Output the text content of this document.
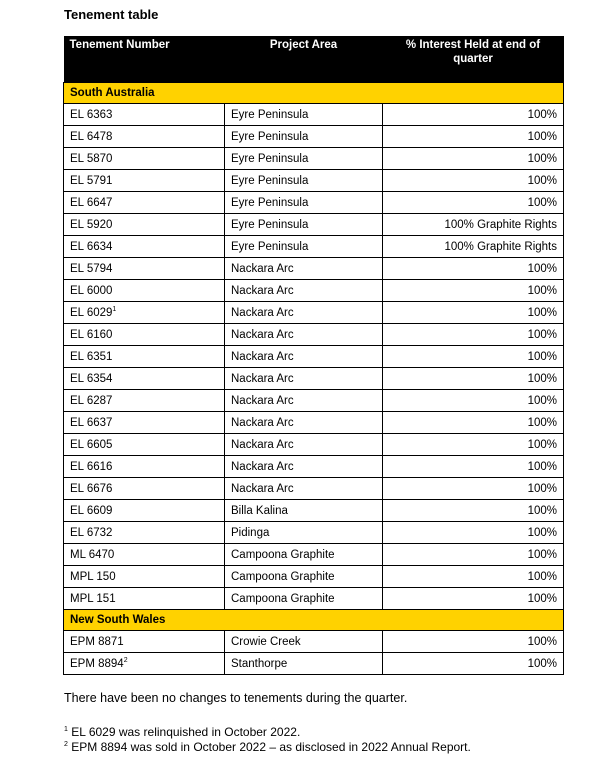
Tenement table
Tenement Number	Project Area	% Interest Held at end of quarter
South Australia		
EL 6363	Eyre Peninsula	100%
EL 6478	Eyre Peninsula	100%
EL 5870	Eyre Peninsula	100%
EL 5791	Eyre Peninsula	100%
EL 6647	Eyre Peninsula	100%
EL 5920	Eyre Peninsula	100% Graphite Rights
EL 6634	Eyre Peninsula	100% Graphite Rights
EL 5794	Nackara Arc	100%
EL 6000	Nackara Arc	100%
EL 6029$^1$	Nackara Arc	100%
EL 6160	Nackara Arc	100%
EL 6351	Nackara Arc	100%
EL 6354	Nackara Arc	100%
EL 6287	Nackara Arc	100%
EL 6637	Nackara Arc	100%
EL 6605	Nackara Arc	100%
EL 6616	Nackara Arc	100%
EL 6676	Nackara Arc	100%
EL 6609	Billa Kalina	100%
EL 6732	Pidinga	100%
ML 6470	Campoona Graphite	100%
MPL 150	Campoona Graphite	100%
MPL 151	Campoona Graphite	100%
New South Wales		
EPM 8871	Crowie Creek	100%
EPM 8894$^2$	Stanthorpe	100%
There have been no changes to tenements during the quarter.
$^1$ EL 6029 was relinquished in October 2022.
$^2$ EPM 8894 was sold in October 2022 – as disclosed in 2022 Annual Report.
